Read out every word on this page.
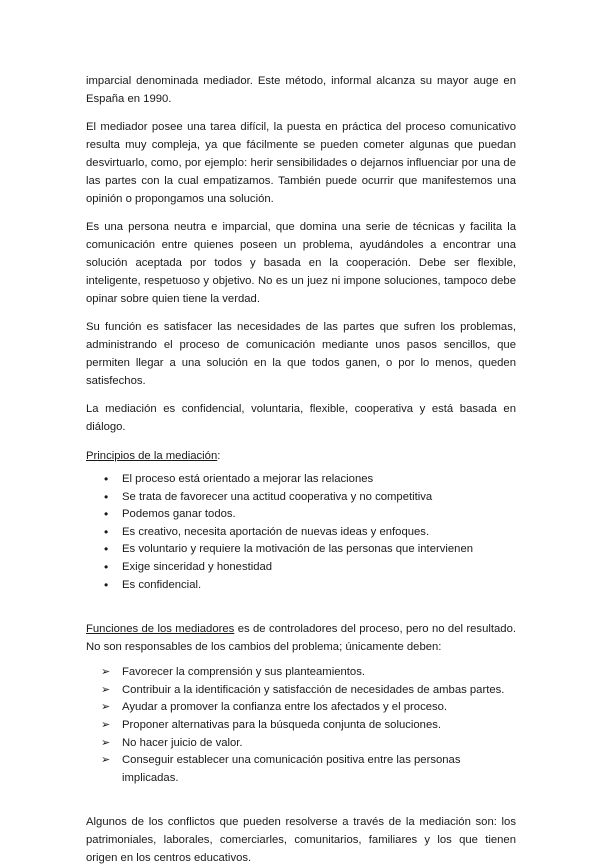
imparcial denominada mediador. Este método, informal alcanza su mayor auge en España en 1990.

El mediador posee una tarea difícil, la puesta en práctica del proceso comunicativo resulta muy compleja, ya que fácilmente se pueden cometer algunas que puedan desvirtuarlo, como, por ejemplo: herir sensibilidades o dejarnos influenciar por una de las partes con la cual empatizamos. También puede ocurrir que manifestemos una opinión o propongamos una solución.

Es una persona neutra e imparcial, que domina una serie de técnicas y facilita la comunicación entre quienes poseen un problema, ayudándoles a encontrar una solución aceptada por todos y basada en la cooperación. Debe ser flexible, inteligente, respetuoso y objetivo. No es un juez ni impone soluciones, tampoco debe opinar sobre quien tiene la verdad.

Su función es satisfacer las necesidades de las partes que sufren los problemas, administrando el proceso de comunicación mediante unos pasos sencillos, que permiten llegar a una solución en la que todos ganen, o por lo menos, queden satisfechos.

La mediación es confidencial, voluntaria, flexible, cooperativa y está basada en diálogo.

Principios de la mediación:

• El proceso está orientado a mejorar las relaciones
• Se trata de favorecer una actitud cooperativa y no competitiva
• Podemos ganar todos.
• Es creativo, necesita aportación de nuevas ideas y enfoques.
• Es voluntario y requiere la motivación de las personas que intervienen
• Exige sinceridad y honestidad
• Es confidencial.

Funciones de los mediadores es de controladores del proceso, pero no del resultado. No son responsables de los cambios del problema; únicamente deben:

➢ Favorecer la comprensión y sus planteamientos.
➢ Contribuir a la identificación y satisfacción de necesidades de ambas partes.
➢ Ayudar a promover la confianza entre los afectados y el proceso.
➢ Proponer alternativas para la búsqueda conjunta de soluciones.
➢ No hacer juicio de valor.
➢ Conseguir establecer una comunicación positiva entre las personas implicadas.

Algunos de los conflictos que pueden resolverse a través de la mediación son: los patrimoniales, laborales, comerciarles, comunitarios, familiares y los que tienen origen en los centros educativos.
